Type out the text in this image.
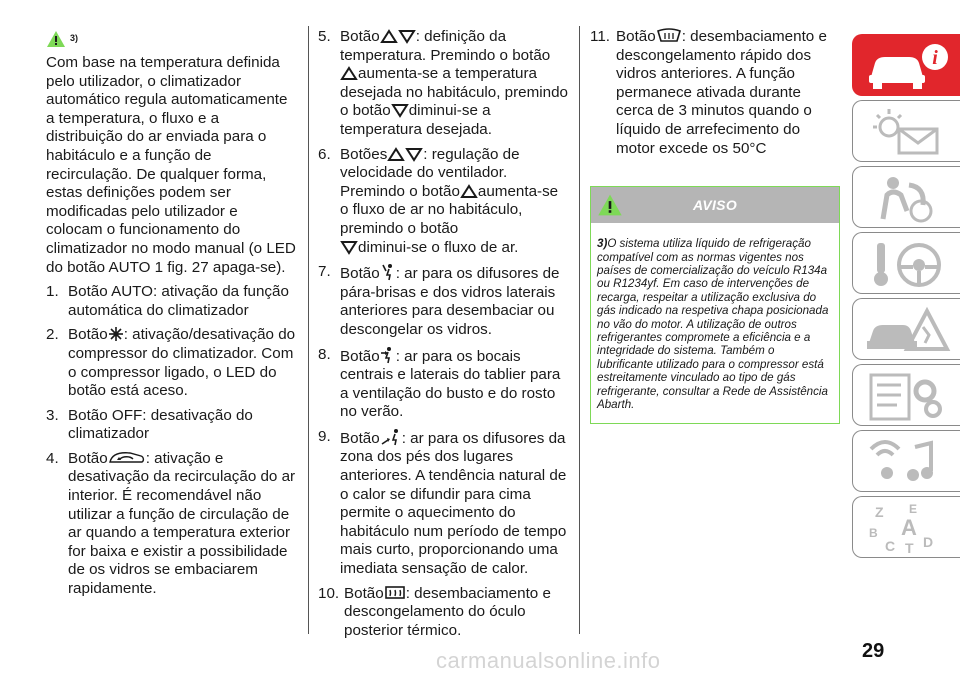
3)

Com base na temperatura definida pelo utilizador, o climatizador automático regula automaticamente a temperatura, o fluxo e a distribuição do ar enviada para o habitáculo e a função de recirculação. De qualquer forma, estas definições podem ser modificadas pelo utilizador e colocam o funcionamento do climatizador no modo manual (o LED do botão AUTO 1 fig. 27 apaga-se).

1. Botão AUTO: ativação da função automática do climatizador
2. Botão : ativação/desativação do compressor do climatizador. Com o compressor ligado, o LED do botão está aceso.
3. Botão OFF: desativação do climatizador
4. Botão	: ativação e desativação da recirculação do ar interior. É recomendável não utilizar a função de circulação de ar quando a temperatura exterior for baixa e existir a possibilidade de os vidros se embaciarem rapidamente.
5. Botão : definição da temperatura. Premindo o botão
aumenta-se a temperatura desejada no habitáculo, premindo o botão diminui-se a temperatura desejada.
6. Botões : regulação de velocidade do ventilador. Premindo o botão aumenta-se o fluxo de ar no habitáculo, premindo o botão
diminui-se o fluxo de ar.
7. Botão : ar para os difusores de pára-brisas e dos vidros laterais anteriores para desembaciar ou descongelar os vidros.
8. Botão : ar para os bocais centrais e laterais do tablier para a ventilação do busto e do rosto no verão.
9. Botão : ar para os difusores da zona dos pés dos lugares anteriores. A tendência natural de o calor se difundir para cima permite o aquecimento do habitáculo num período de tempo mais curto, proporcionando uma imediata sensação de calor.
10. Botão : desembaciamento e descongelamento do óculo posterior térmico.
11. Botão : desembaciamento e descongelamento rápido dos vidros anteriores. A função permanece ativada durante cerca de 3 minutos quando o líquido de arrefecimento do motor excede os 50°C
AVISO
3)O sistema utiliza líquido de refrigeração compatível com as normas vigentes nos países de comercialização do veículo R134a ou R1234yf. Em caso de intervenções de recarga, respeitar a utilização exclusiva do gás indicado na respetiva chapa posicionada no vão do motor. A utilização de outros refrigerantes compromete a eficiência e a integridade do sistema. Também o lubrificante utilizado para o compressor está estreitamente vinculado ao tipo de gás refrigerante, consultar a Rede de Assistência Abarth.
i
Z E
B A
C T D
29
carmanualsonline.info
